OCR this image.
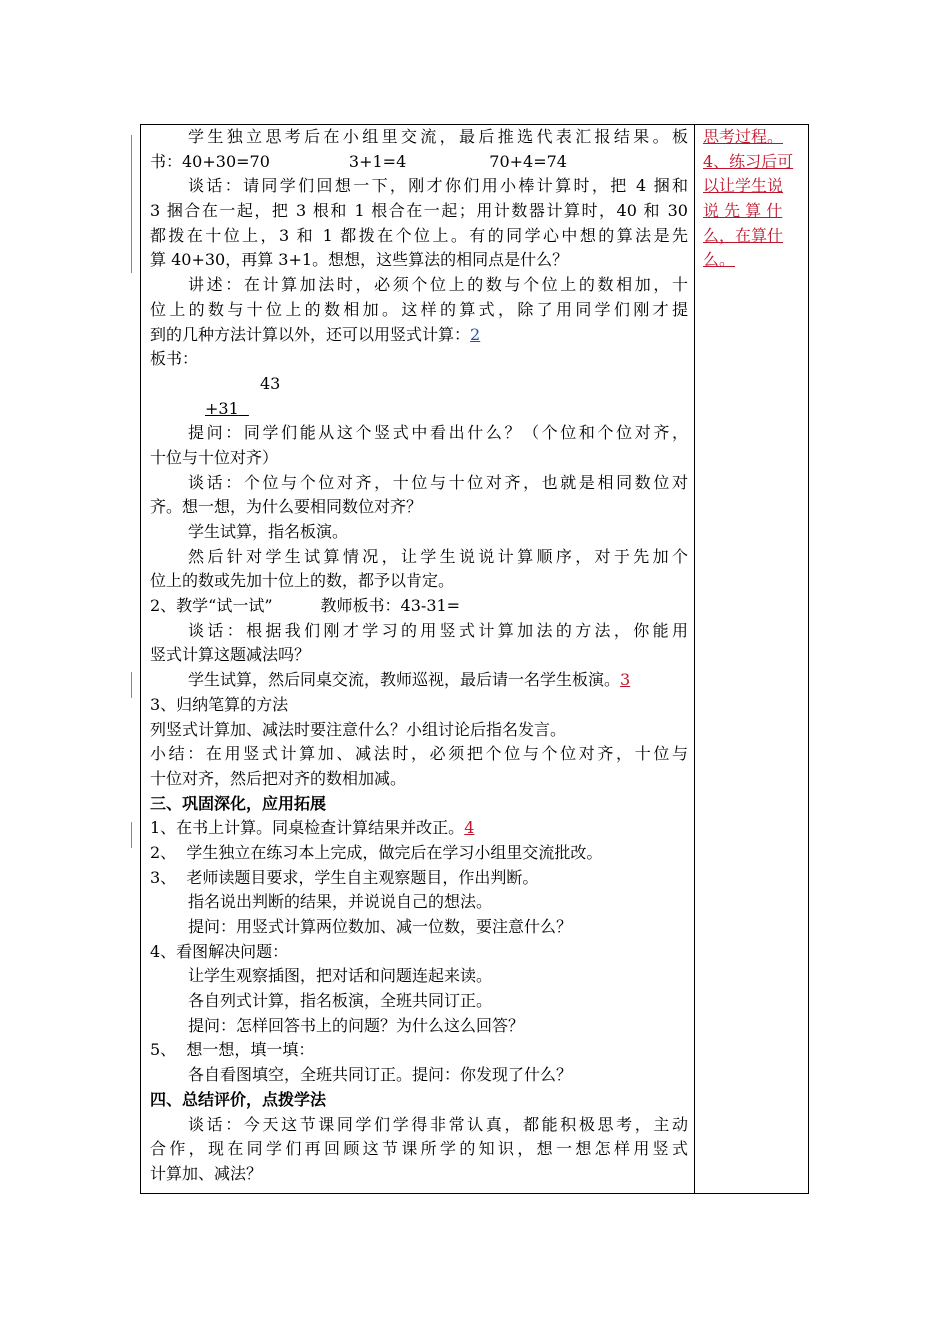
学生独立思考后在小组里交流，最后推选代表汇报结果。板
书：40+30=70	3+1=4	70+4=74
谈话：请同学们回想一下，刚才你们用小棒计算时，把 4 捆和
3 捆合在一起，把 3 根和 1 根合在一起；用计数器计算时，40 和 30
都拨在十位上，3 和 1 都拨在个位上。有的同学心中想的算法是先
算 40+30，再算 3+1。想想，这些算法的相同点是什么？
讲述：在计算加法时，必须个位上的数与个位上的数相加，十
位上的数与十位上的数相加。这样的算式，除了用同学们刚才提
到的几种方法计算以外，还可以用竖式计算：2
板书：
43
+31
提问：同学们能从这个竖式中看出什么？（个位和个位对齐，
十位与十位对齐）
谈话：个位与个位对齐，十位与十位对齐，也就是相同数位对
齐。想一想，为什么要相同数位对齐？
学生试算，指名板演。
然后针对学生试算情况，让学生说说计算顺序，对于先加个
位上的数或先加十位上的数，都予以肯定。
2、教学“试一试”	教师板书：43-31=
谈话：根据我们刚才学习的用竖式计算加法的方法，你能用
竖式计算这题减法吗？
学生试算，然后同桌交流，教师巡视，最后请一名学生板演。3
3、归纳笔算的方法
列竖式计算加、减法时要注意什么？小组讨论后指名发言。
小结：在用竖式计算加、减法时，必须把个位与个位对齐，十位与
十位对齐，然后把对齐的数相加减。
三、巩固深化，应用拓展
1、在书上计算。同桌检查计算结果并改正。4
2、  学生独立在练习本上完成，做完后在学习小组里交流批改。
3、  老师读题目要求，学生自主观察题目，作出判断。
指名说出判断的结果，并说说自己的想法。
提问：用竖式计算两位数加、减一位数，要注意什么？
4、看图解决问题：
让学生观察插图，把对话和问题连起来读。
各自列式计算，指名板演，全班共同订正。
提问：怎样回答书上的问题？为什么这么回答？
5、  想一想，填一填：
各自看图填空，全班共同订正。提问：你发现了什么？
四、总结评价，点拨学法
谈话：今天这节课同学们学得非常认真，都能积极思考，主动
合作，现在同学们再回顾这节课所学的知识，想一想怎样用竖式
计算加、减法？
思考过程。
4、练习后可
以让学生说
说 先 算 什
么，在算什
么。
